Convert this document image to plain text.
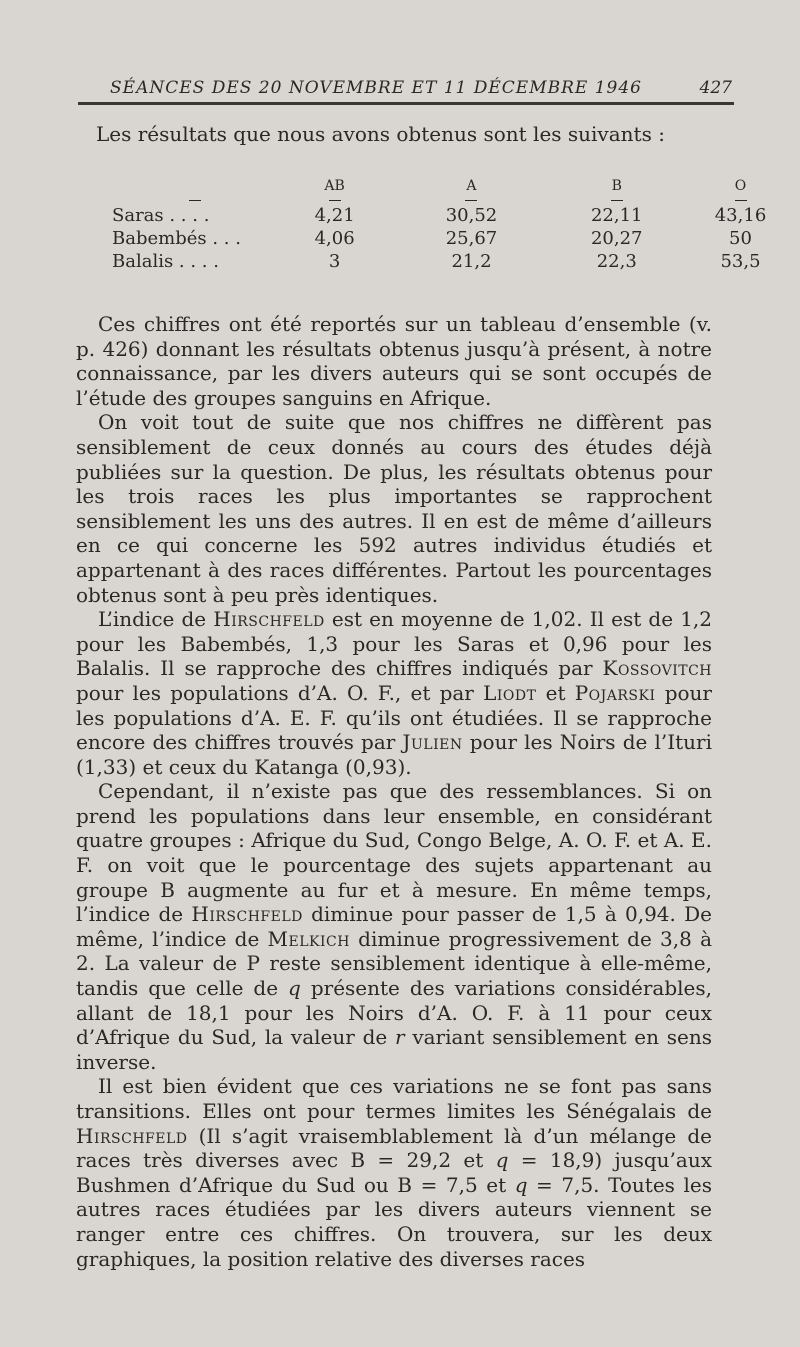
SÉANCES DES 20 NOVEMBRE ET 11 DÉCEMBRE 1946	427
Les résultats que nous avons obtenus sont les suivants :

	AB	A	B	O

Saras . . . .	4,21	30,52	22,11	43,16
Babembés . . .	4,06	25,67	20,27	50
Balalis . . . .	3	21,2	22,3	53,5

Ces chiffres ont été reportés sur un tableau d’ensemble (v. p. 426) donnant les résultats obtenus jusqu’à présent, à notre connaissance, par les divers auteurs qui se sont occupés de l’étude des groupes sanguins en Afrique.

On voit tout de suite que nos chiffres ne diffèrent pas sensiblement de ceux donnés au cours des études déjà publiées sur la question. De plus, les résultats obtenus pour les trois races les plus importantes se rapprochent sensiblement les uns des autres. Il en est de même d’ailleurs en ce qui concerne les 592 autres individus étudiés et appartenant à des races différentes. Partout les pourcentages obtenus sont à peu près identiques.

L’indice de Hirschfeld est en moyenne de 1,02. Il est de 1,2 pour les Babembés, 1,3 pour les Saras et 0,96 pour les Balalis. Il se rapproche des chiffres indiqués par Kossovitch pour les populations d’A. O. F., et par Liodt et Pojarski pour les populations d’A. E. F. qu’ils ont étudiées. Il se rapproche encore des chiffres trouvés par Julien pour les Noirs de l’Ituri (1,33) et ceux du Katanga (0,93).

Cependant, il n’existe pas que des ressemblances. Si on prend les populations dans leur ensemble, en considérant quatre groupes : Afrique du Sud, Congo Belge, A. O. F. et A. E. F. on voit que le pourcentage des sujets appartenant au groupe B augmente au fur et à mesure. En même temps, l’indice de Hirschfeld diminue pour passer de 1,5 à 0,94. De même, l’indice de Melkich diminue progressivement de 3,8 à 2. La valeur de P reste sensiblement identique à elle-même, tandis que celle de q présente des variations considérables, allant de 18,1 pour les Noirs d’A. O. F. à 11 pour ceux d’Afrique du Sud, la valeur de r variant sensiblement en sens inverse.

Il est bien évident que ces variations ne se font pas sans transitions. Elles ont pour termes limites les Sénégalais de Hirschfeld (Il s’agit vraisemblablement là d’un mélange de races très diverses avec B = 29,2 et q = 18,9) jusqu’aux Bushmen d’Afrique du Sud ou B = 7,5 et q = 7,5. Toutes les autres races étudiées par les divers auteurs viennent se ranger entre ces chiffres. On trouvera, sur les deux graphiques, la position relative des diverses races
